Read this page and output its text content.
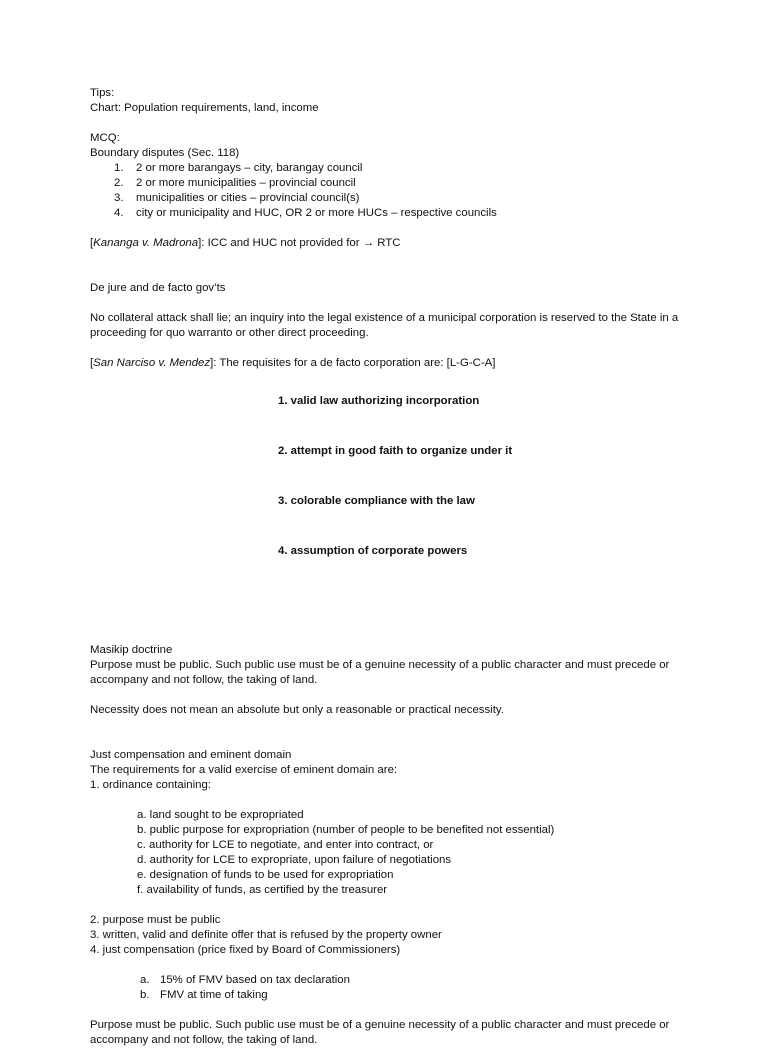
Tips:

Chart: Population requirements, land, income

MCQ:

Boundary disputes (Sec. 118)

1. 2 or more barangays – city, barangay council
2. 2 or more municipalities – provincial council
3. municipalities or cities – provincial council(s)
4. city or municipality and HUC, OR 2 or more HUCs – respective councils

[Kananga v. Madrona]: ICC and HUC not provided for → RTC

De jure and de facto gov’ts

No collateral attack shall lie; an inquiry into the legal existence of a municipal corporation is reserved to the State in a proceeding for quo warranto or other direct proceeding.

[San Narciso v. Mendez]: The requisites for a de facto corporation are: [L-G-C-A]

1. valid law authorizing incorporation

2. attempt in good faith to organize under it

3. colorable compliance with the law

4. assumption of corporate powers

Masikip doctrine

Purpose must be public. Such public use must be of a genuine necessity of a public character and must precede or accompany and not follow, the taking of land.

Necessity does not mean an absolute but only a reasonable or practical necessity.

Just compensation and eminent domain

The requirements for a valid exercise of eminent domain are:

1. ordinance containing:

a. land sought to be expropriated

b. public purpose for expropriation (number of people to be benefited not essential)

c. authority for LCE to negotiate, and enter into contract, or

d. authority for LCE to expropriate, upon failure of negotiations

e. designation of funds to be used for expropriation

f. availability of funds, as certified by the treasurer

2. purpose must be public

3. written, valid and definite offer that is refused by the property owner

4. just compensation (price fixed by Board of Commissioners)

a. 15% of FMV based on tax declaration
b. FMV at time of taking

Purpose must be public. Such public use must be of a genuine necessity of a public character and must precede or accompany and not follow, the taking of land.
